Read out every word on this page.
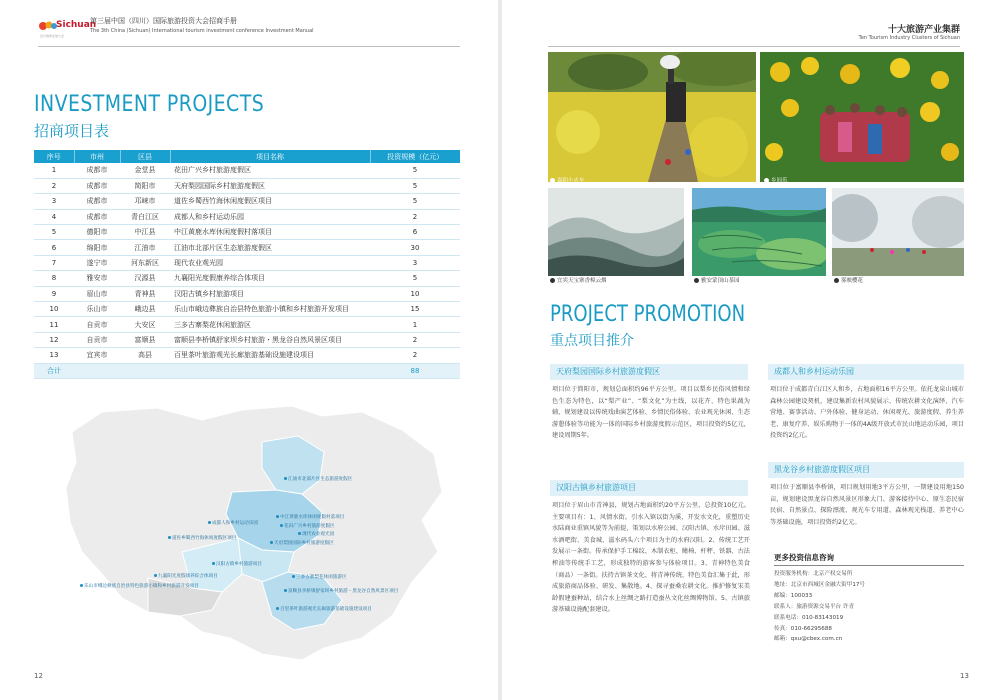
Sichuan
四川旅游发展大会
第三届中国（四川）国际旅游投资大会招商手册
The 3th China (Sichuan) International tourism investment conference Investment Manual
INVESTMENT PROJECTS
招商项目表
序号	市州	区县	项目名称	投资规模（亿元）
1	成都市	金堂县	花田广兴乡村旅游度假区	5
2	成都市	简阳市	天府梨园国际乡村旅游度假区	5
3	成都市	邛崃市	道佐乡蜀西竹海休闲度假区项目	5
4	成都市	青白江区	成都人和乡村运动乐园	2
5	德阳市	中江县	中江黄鹿水库休闲度假村落项目	6
6	绵阳市	江油市	江油市北部片区生态旅游度假区	30
7	遂宁市	河东新区	现代农业观光园	3
8	雅安市	汉源县	九襄阳光度假康养综合体项目	5
9	眉山市	青神县	汉阳古镇乡村旅游项目	10
10	乐山市	峨边县	乐山市峨边彝族自治县特色旅游小镇和乡村旅游开发项目	15
11	自贡市	大安区	三多古寨梨花休闲旅游区	1
12	自贡市	富顺县	富顺县李桥镇舒家坝乡村旅游・黑龙谷自然风景区项目	2
13	宜宾市	高县	百里茶叶旅游观光长廊旅游基础设施建设项目	2
合计				88
江油市北部片区生态旅游度假区
中江黄鹿水库休闲度假村落项目
成都人和乡村运动乐园
花田广兴乡村旅游度假区
道佐乡蜀西竹海休闲度假区项目
现代农业观光园
天府梨园国际乡村旅游度假区
汉阳古镇乡村旅游项目
九襄阳光度假康养综合体项目
乐山市峨边彝族自治县特色旅游小镇和乡村旅游开发项目
三多古寨梨花休闲旅游区
富顺县李桥镇舒家坝乡村旅游・黑龙谷自然风景区项目
百里茶叶旅游观光长廊旅游基础设施建设项目
12
十大旅游产业集群
Ten Tourism Industry Clusters of Sichuan
嘉阳小火车	乡间乐
宜宾天宝寨香樟云烟	雅安蒙顶山茶园	雾映樱花
PROJECT PROMOTION
重点项目推介
天府梨园国际乡村旅游度假区
项目位于简阳市，规划总面积约96平方公里。项目以梨乡民俗风情和绿色生态为特色，以“梨产业”、“梨文化”为主线，以花卉、特色果蔬为辅，规划建设以传统戏曲演艺体验、乡情民俗体验、农业观光休闲、生态游憩体验等功能为一体的国际乡村旅游度假示范区，项目投资约5亿元，建设周期5年。
汉阳古镇乡村旅游项目
项目位于眉山市青神县，规划占地面积约20平方公里，总投资10亿元。主要项目有：1、风情水街。引水入镇以街为溪，开发水文化，重塑历史水陆商业重镇风貌等为前提，策划以水府公园、汉阳古镇、水岸田园、滋水酒吧街、美食城、滋水码头六个项目为主的水府汉阳。2、传统工艺开发展示一条街。传承保护手工棉纹、木制衣柜、鳍椅、杆秤、铁器、古法榨油等传统手工艺，形成独特的游客参与体验项目。3、青神特色美食（商品）一条街。扶持古镇茶文化、将青神传统、特色美食汇集于此，形成旅游商品体验、研发、集散地。4、探寻蚕桑农耕文化。推护修复宋美龄假建蚕种站，结合水上丝绸之路打造蚕丛文化丝绸博物馆。5、古镇旅游基础设施配套建设。
成都人和乡村运动乐园
项目位于成都青白江区人和乡，占地面积16平方公里。依托龙泉山城市森林公园建设契机，建设集新农村风貌展示、传统农耕文化演绎、汽车营地、赛事活动、户外体验、健身运动、休闲观光、旅游度假、养生养老、康复疗养、娱乐购物于一体的4A级开放式市民山地运动乐园，项目投资约2亿元。
黑龙谷乡村旅游度假区项目
项目位于富顺县李桥镇，项目规划用地3平方公里，一期建设用地150亩，规划建设黑龙谷自然风景区形象大门、游客接待中心、原生态民宿民宿、自然景点、探险漂流、观光车专用道、森林观光栈道、养老中心等基础设施，项目投资约2亿元。
更多投资信息咨询
投资服务机构：北京产权交易所
地址：北京市西城区金融大街甲17号
邮编：100033
联系人：旅游资源交易平台 许青
联系电话：010-83143019
传真：010-66295688
邮箱：qxu@cbex.com.cn
13
